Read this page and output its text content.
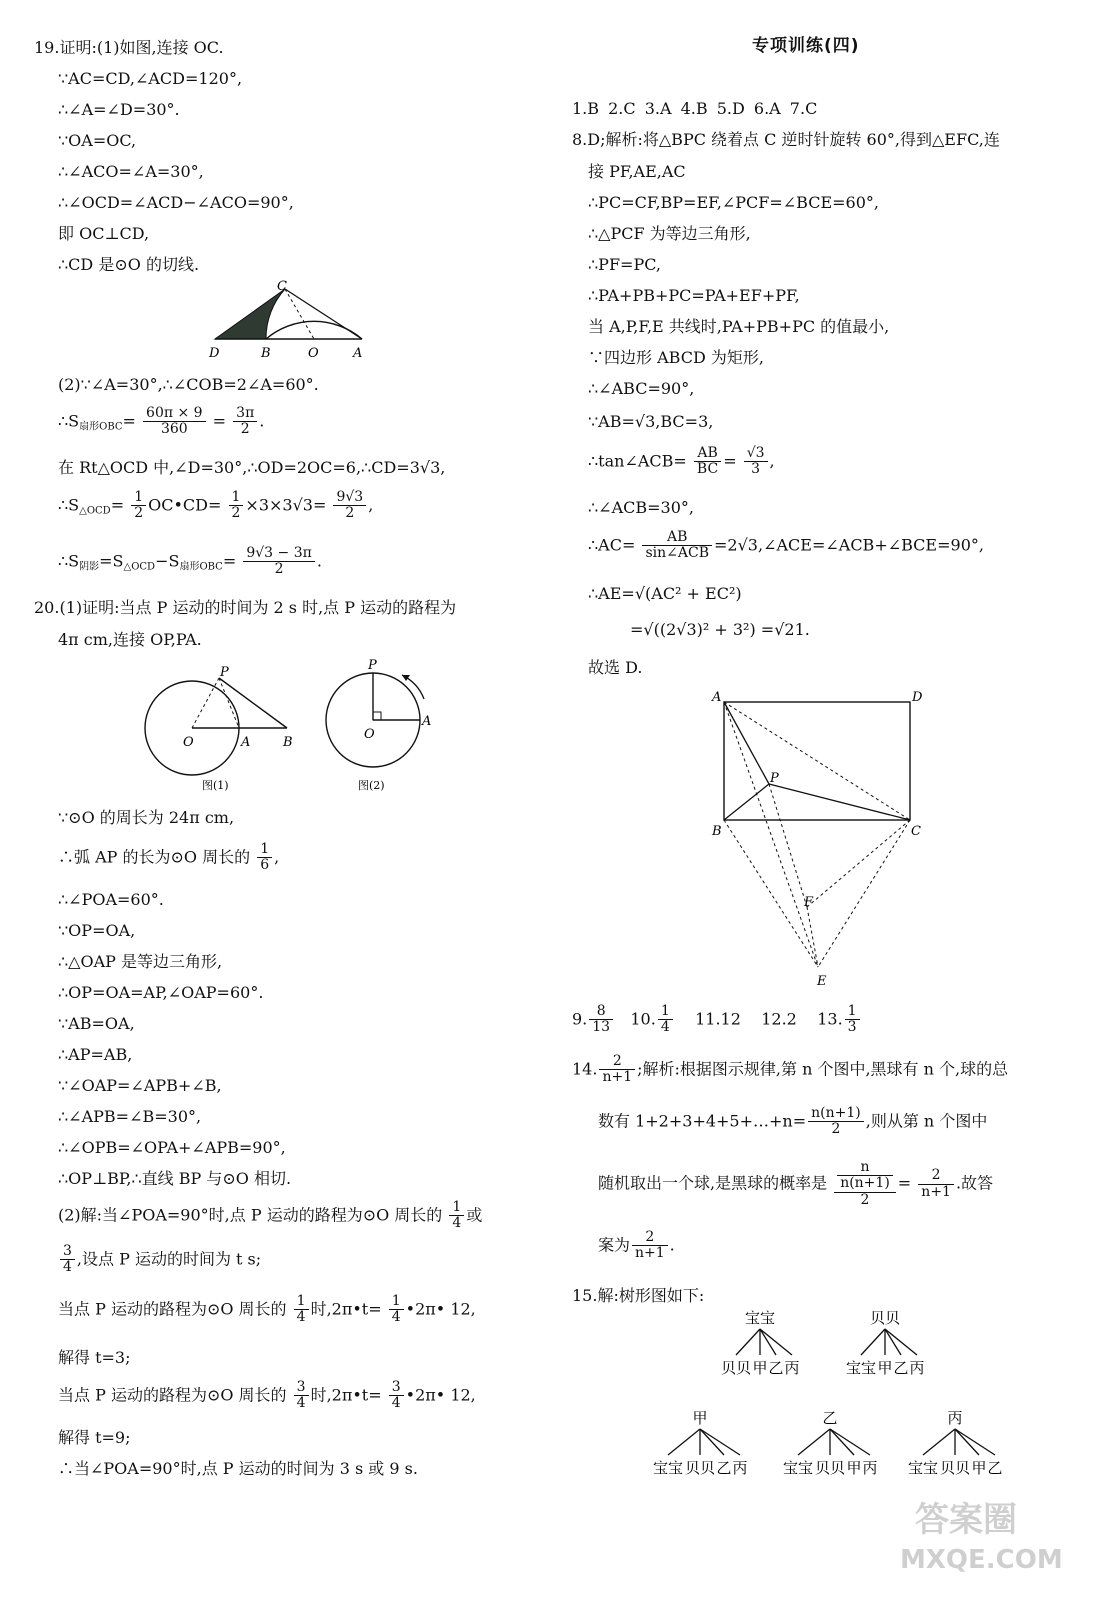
19.证明:(1)如图,连接 OC.
∵AC=CD,∠ACD=120°,
∴∠A=∠D=30°.
∵OA=OC,
∴∠ACO=∠A=30°,
∴∠OCD=∠ACD−∠ACO=90°,
即 OC⊥CD,
∴CD 是⊙O 的切线.
C
D	B	O	A
(2)∵∠A=30°,∴∠COB=2∠A=60°.
$\therefore S_{扇形OBC}= \frac{60\pi \times 9}{360} = \frac{3\pi}{2}$ .
在 Rt△OCD 中,∠D=30°,∴OD=2OC=6,∴CD=3√3,
$\therefore S_{\triangle OCD}= \frac{1}{2}$ OC•CD= $\frac{1}{2} \times 3\times 3√3= \frac{9√3}{2}$ ,
$\therefore S_{阴影}=S_{\triangle OCD}-S_{扇形OBC}= \frac{9√3 - 3\pi}{2}$ .
20.(1)证明:当点 P 运动的时间为 2 s 时,点 P 运动的路程为
4π cm,连接 OP,PA.
P
O	A	B
图(1)
P
O
A
图(2)
∵⊙O 的周长为 24π cm,
∴弧 AP 的长为⊙O 周长的 $\frac{1}{6}$ ,
∴∠POA=60°.
∵OP=OA,
∴△OAP 是等边三角形,
∴OP=OA=AP,∠OAP=60°.
∵AB=OA,
∴AP=AB,
∵∠OAP=∠APB+∠B,
∴∠APB=∠B=30°,
∴∠OPB=∠OPA+∠APB=90°,
∴OP⊥BP,∴直线 BP 与⊙O 相切.
(2)解:当∠POA=90°时,点 P 运动的路程为⊙O 周长的 $\frac{1}{4}$ 或
$\frac{3}{4}$ ,设点 P 运动的时间为 t s;
当点 P 运动的路程为⊙O 周长的 $\frac{1}{4}$ 时,2π•t= $\frac{1}{4}$ •2π• 12,
解得 t=3;
当点 P 运动的路程为⊙O 周长的 $\frac{3}{4}$ 时,2π•t= $\frac{3}{4}$ •2π• 12,
解得 t=9;
∴当∠POA=90°时,点 P 运动的时间为 3 s 或 9 s.
专项训练(四)
1.B 2.C 3.A 4.B 5.D 6.A 7.C
8.D;解析:将△BPC 绕着点 C 逆时针旋转 60°,得到△EFC,连
接 PF,AE,AC
∴PC=CF,BP=EF,∠PCF=∠BCE=60°,
∴△PCF 为等边三角形,
∴PF=PC,
∴PA+PB+PC=PA+EF+PF,
当 A,P,F,E 共线时,PA+PB+PC 的值最小,
∵四边形 ABCD 为矩形,
∴∠ABC=90°,
∵AB=√3,BC=3,
∴tan∠ACB= $\frac{AB}{BC} = \frac{√3}{3}$ ,
∴∠ACB=30°,
∴AC= $\frac{AB}{\text{sin∠ACB}}$ =2√3,∠ACE=∠ACB+∠BCE=90°,
∴AE=√(AC² + EC²)
=√((2√3)² + 3²) =√21.
故选 D.
A	D
B	C
P
F
E
9. $\frac{8}{13} 10$. $\frac{1}{4} 11.12$ 12.2 13. $\frac{1}{3}$
14. $\frac{2}{n+1}$ ;解析:根据图示规律,第 n 个图中,黑球有 n 个,球的总
数有 1+2+3+4+5+…+n= $\frac{n(n+1)}{2}$ ,则从第 n 个图中
随机取出一个球,是黑球的概率是 $\frac{\frac{n}{n(n+1)}}{2} = \frac{2}{n+1}$ .故答
案为 $\frac{2}{n+1}$ .
15.解:树形图如下:
宝宝
贝贝 甲 乙 丙
贝贝
宝宝 甲 乙 丙
甲
宝宝 贝贝 乙 丙
乙
宝宝 贝贝 甲 丙
丙
宝宝 贝贝 甲 乙
答案圈
MXQE.COM
